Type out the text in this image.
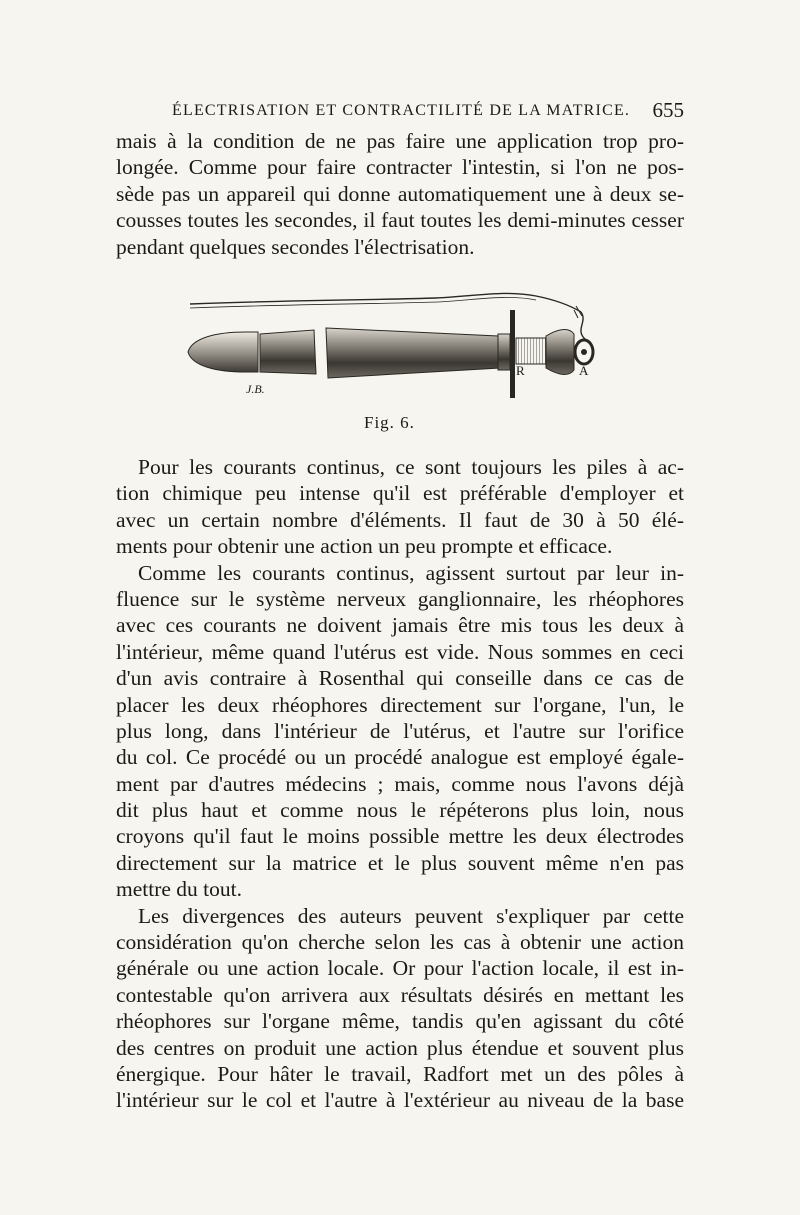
ÉLECTRISATION ET CONTRACTILITÉ DE LA MATRICE. 655
mais à la condition de ne pas faire une application trop pro-
longée. Comme pour faire contracter l'intestin, si l'on ne pos-
sède pas un appareil qui donne automatiquement une à deux se-
cousses toutes les secondes, il faut toutes les demi-minutes cesser
pendant quelques secondes l'électrisation.
J.B.
R	A
Fig. 6.
Pour les courants continus, ce sont toujours les piles à ac-
tion chimique peu intense qu'il est préférable d'employer et
avec un certain nombre d'éléments. Il faut de 30 à 50 élé-
ments pour obtenir une action un peu prompte et efficace.
Comme les courants continus, agissent surtout par leur in-
fluence sur le système nerveux ganglionnaire, les rhéophores
avec ces courants ne doivent jamais être mis tous les deux à
l'intérieur, même quand l'utérus est vide. Nous sommes en ceci
d'un avis contraire à Rosenthal qui conseille dans ce cas de
placer les deux rhéophores directement sur l'organe, l'un, le
plus long, dans l'intérieur de l'utérus, et l'autre sur l'orifice
du col. Ce procédé ou un procédé analogue est employé égale-
ment par d'autres médecins ; mais, comme nous l'avons déjà
dit plus haut et comme nous le répéterons plus loin, nous
croyons qu'il faut le moins possible mettre les deux électrodes
directement sur la matrice et le plus souvent même n'en pas
mettre du tout.
Les divergences des auteurs peuvent s'expliquer par cette
considération qu'on cherche selon les cas à obtenir une action
générale ou une action locale. Or pour l'action locale, il est in-
contestable qu'on arrivera aux résultats désirés en mettant les
rhéophores sur l'organe même, tandis qu'en agissant du côté
des centres on produit une action plus étendue et souvent plus
énergique. Pour hâter le travail, Radfort met un des pôles à
l'intérieur sur le col et l'autre à l'extérieur au niveau de la base
